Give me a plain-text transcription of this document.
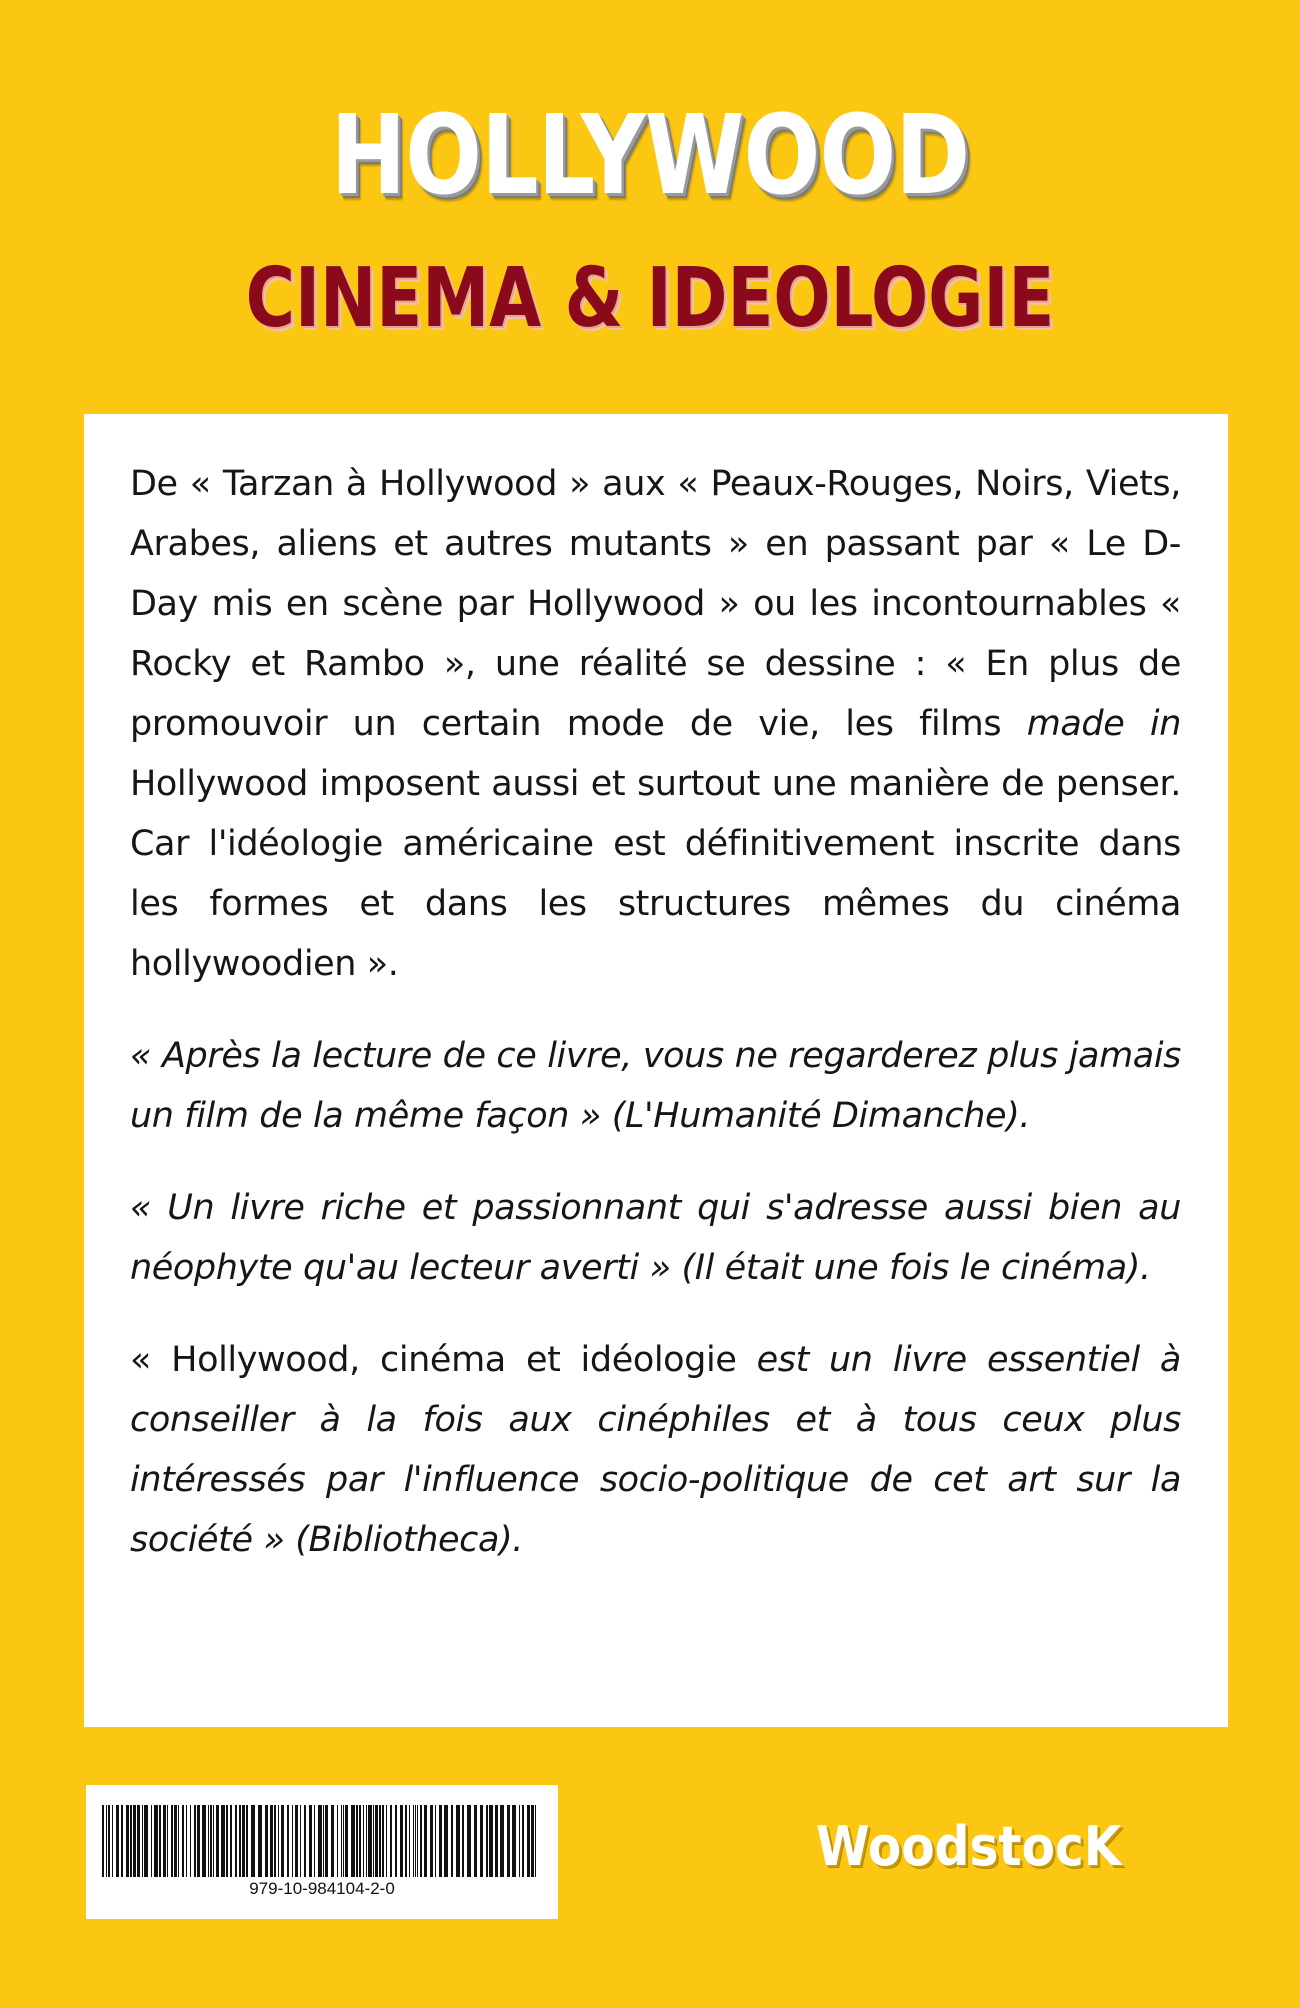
HOLLYWOOD
CINEMA & IDEOLOGIE

De « Tarzan à Hollywood » aux « Peaux-Rouges, Noirs, Viets, Arabes, aliens et autres mutants » en passant par « Le D-Day mis en scène par Hollywood » ou les incontournables « Rocky et Rambo », une réalité se dessine : « En plus de promouvoir un certain mode de vie, les films made in Hollywood imposent aussi et surtout une manière de penser. Car l'idéologie américaine est définitivement inscrite dans les formes et dans les structures mêmes du cinéma hollywoodien ».

« Après la lecture de ce livre, vous ne regarderez plus jamais un film de la même façon » (L'Humanité Dimanche).

« Un livre riche et passionnant qui s'adresse aussi bien au néophyte qu'au lecteur averti » (Il était une fois le cinéma).

« Hollywood, cinéma et idéologie est un livre essentiel à conseiller à la fois aux cinéphiles et à tous ceux plus intéressés par l'influence socio-politique de cet art sur la société » (Bibliotheca).

979-10-984104-2-0
WoodstocK
